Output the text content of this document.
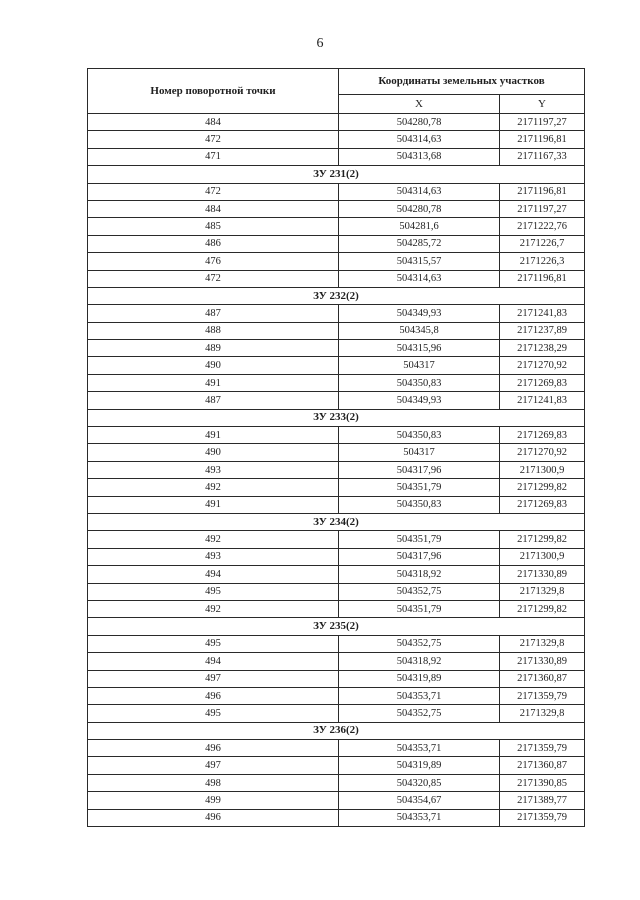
6
Номер поворотной точки	Координаты земельных участков	
	X	Y
484	504280,78	2171197,27
472	504314,63	2171196,81
471	504313,68	2171167,33
ЗУ 231(2)		
472	504314,63	2171196,81
484	504280,78	2171197,27
485	504281,6	2171222,76
486	504285,72	2171226,7
476	504315,57	2171226,3
472	504314,63	2171196,81
ЗУ 232(2)		
487	504349,93	2171241,83
488	504345,8	2171237,89
489	504315,96	2171238,29
490	504317	2171270,92
491	504350,83	2171269,83
487	504349,93	2171241,83
ЗУ 233(2)		
491	504350,83	2171269,83
490	504317	2171270,92
493	504317,96	2171300,9
492	504351,79	2171299,82
491	504350,83	2171269,83
ЗУ 234(2)		
492	504351,79	2171299,82
493	504317,96	2171300,9
494	504318,92	2171330,89
495	504352,75	2171329,8
492	504351,79	2171299,82
ЗУ 235(2)		
495	504352,75	2171329,8
494	504318,92	2171330,89
497	504319,89	2171360,87
496	504353,71	2171359,79
495	504352,75	2171329,8
ЗУ 236(2)		
496	504353,71	2171359,79
497	504319,89	2171360,87
498	504320,85	2171390,85
499	504354,67	2171389,77
496	504353,71	2171359,79
